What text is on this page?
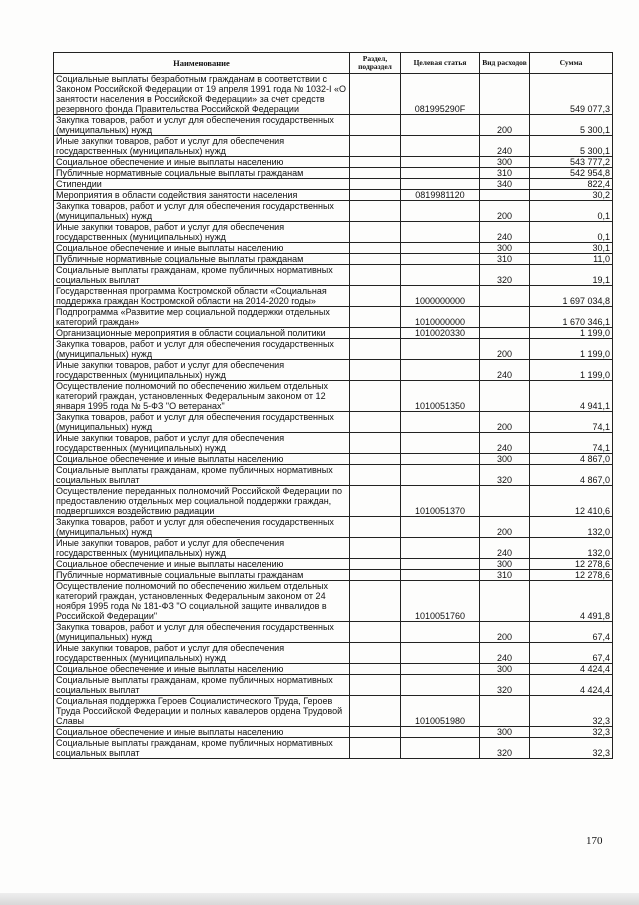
Наименование	Раздел, подраздел	Целевая статья	Вид расходов	Сумма
Социальные выплаты безработным гражданам в соответствии с Законом Российской Федерации от 19 апреля 1991 года № 1032-I «О занятости населения в Российской Федерации» за счет средств резервного фонда Правительства Российской Федерации		081995290F		549 077,3
Закупка товаров, работ и услуг для обеспечения государственных (муниципальных) нужд			200	5 300,1
Иные закупки товаров, работ и услуг для обеспечения государственных (муниципальных) нужд			240	5 300,1
Социальное обеспечение и иные выплаты населению			300	543 777,2
Публичные нормативные социальные выплаты гражданам			310	542 954,8
Стипендии			340	822,4
Мероприятия в области содействия занятости населения		0819981120		30,2
Закупка товаров, работ и услуг для обеспечения государственных (муниципальных) нужд			200	0,1
Иные закупки товаров, работ и услуг для обеспечения государственных (муниципальных) нужд			240	0,1
Социальное обеспечение и иные выплаты населению			300	30,1
Публичные нормативные социальные выплаты гражданам			310	11,0
Социальные выплаты гражданам, кроме публичных нормативных социальных выплат			320	19,1
Государственная программа Костромской области «Социальная поддержка граждан Костромской области на 2014-2020 годы»		1000000000		1 697 034,8
Подпрограмма «Развитие мер социальной поддержки отдельных категорий граждан»		1010000000		1 670 346,1
Организационные мероприятия в области социальной политики		1010020330		1 199,0
Закупка товаров, работ и услуг для обеспечения государственных (муниципальных) нужд			200	1 199,0
Иные закупки товаров, работ и услуг для обеспечения государственных (муниципальных) нужд			240	1 199,0
Осуществление полномочий по обеспечению жильем отдельных категорий граждан, установленных Федеральным законом от 12 января 1995 года № 5-ФЗ "О ветеранах"		1010051350		4 941,1
Закупка товаров, работ и услуг для обеспечения государственных (муниципальных) нужд			200	74,1
Иные закупки товаров, работ и услуг для обеспечения государственных (муниципальных) нужд			240	74,1
Социальное обеспечение и иные выплаты населению			300	4 867,0
Социальные выплаты гражданам, кроме публичных нормативных социальных выплат			320	4 867,0
Осуществление переданных полномочий Российской Федерации по предоставлению отдельных мер социальной поддержки граждан, подвергшихся воздействию радиации		1010051370		12 410,6
Закупка товаров, работ и услуг для обеспечения государственных (муниципальных) нужд			200	132,0
Иные закупки товаров, работ и услуг для обеспечения государственных (муниципальных) нужд			240	132,0
Социальное обеспечение и иные выплаты населению			300	12 278,6
Публичные нормативные социальные выплаты гражданам			310	12 278,6
Осуществление полномочий по обеспечению жильем отдельных категорий граждан, установленных Федеральным законом от 24 ноября 1995 года № 181-ФЗ "О социальной защите инвалидов в Российской Федерации"		1010051760		4 491,8
Закупка товаров, работ и услуг для обеспечения государственных (муниципальных) нужд			200	67,4
Иные закупки товаров, работ и услуг для обеспечения государственных (муниципальных) нужд			240	67,4
Социальное обеспечение и иные выплаты населению			300	4 424,4
Социальные выплаты гражданам, кроме публичных нормативных социальных выплат			320	4 424,4
Социальная поддержка Героев Социалистического Труда, Героев Труда Российской Федерации и полных кавалеров ордена Трудовой Славы		1010051980		32,3
Социальное обеспечение и иные выплаты населению			300	32,3
Социальные выплаты гражданам, кроме публичных нормативных социальных выплат			320	32,3
170
